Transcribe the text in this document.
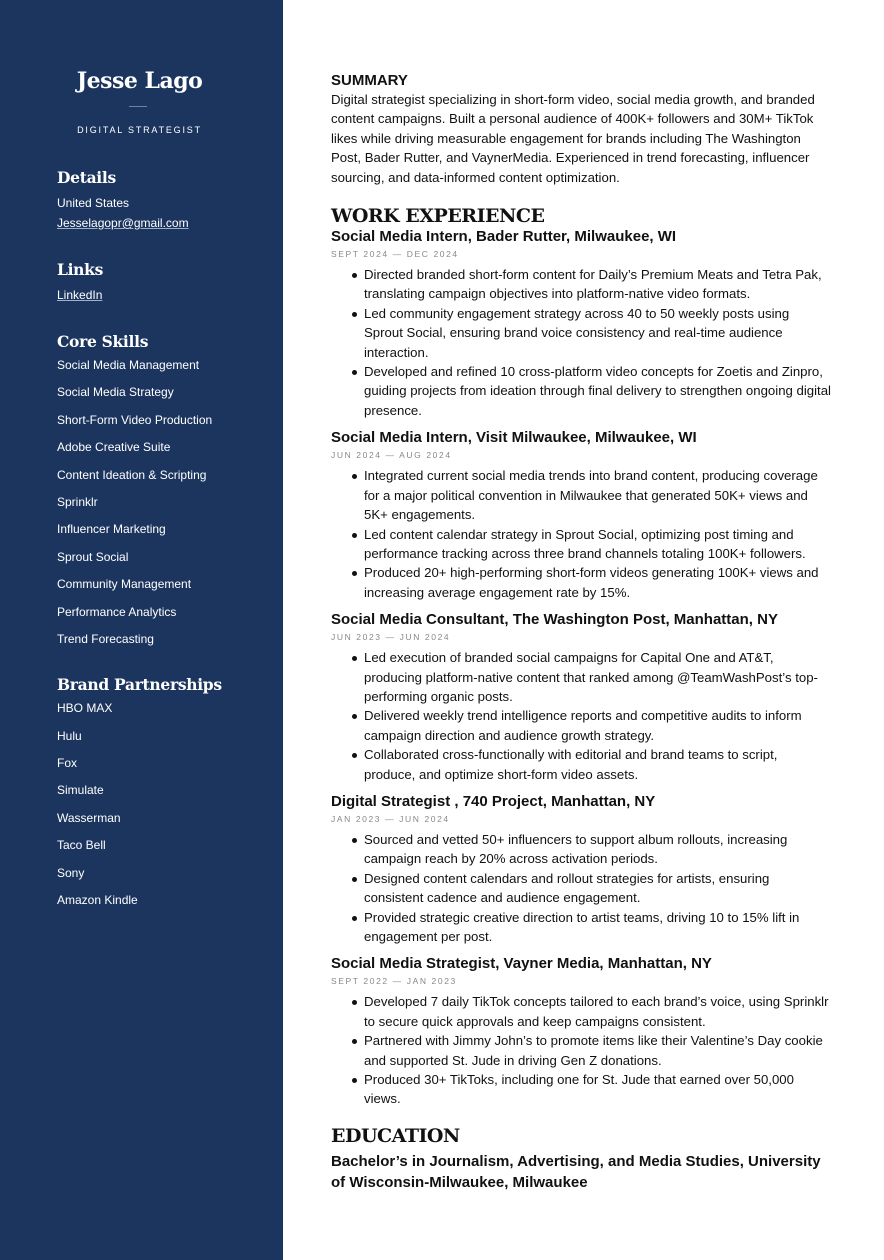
Jesse Lago
DIGITAL STRATEGIST
Details
United States
Jesselagopr@gmail.com
Links
LinkedIn
Core Skills
Social Media Management
Social Media Strategy
Short-Form Video Production
Adobe Creative Suite
Content Ideation & Scripting
Sprinklr
Influencer Marketing
Sprout Social
Community Management
Performance Analytics
Trend Forecasting
Brand Partnerships
HBO MAX
Hulu
Fox
Simulate
Wasserman
Taco Bell
Sony
Amazon Kindle
SUMMARY

Digital strategist specializing in short-form video, social media growth, and branded content campaigns. Built a personal audience of 400K+ followers and 30M+ TikTok likes while driving measurable engagement for brands including The Washington Post, Bader Rutter, and VaynerMedia. Experienced in trend forecasting, influencer sourcing, and data-informed content optimization.

WORK EXPERIENCE
Social Media Intern, Bader Rutter, Milwaukee, WI
SEPT 2024 — DEC 2024
Directed branded short-form content for Daily’s Premium Meats and Tetra Pak, translating campaign objectives into platform-native video formats.
Led community engagement strategy across 40 to 50 weekly posts using Sprout Social, ensuring brand voice consistency and real-time audience interaction.
Developed and refined 10 cross-platform video concepts for Zoetis and Zinpro, guiding projects from ideation through final delivery to strengthen ongoing digital presence.
Social Media Intern, Visit Milwaukee, Milwaukee, WI
JUN 2024 — AUG 2024
Integrated current social media trends into brand content, producing coverage for a major political convention in Milwaukee that generated 50K+ views and 5K+ engagements.
Led content calendar strategy in Sprout Social, optimizing post timing and performance tracking across three brand channels totaling 100K+ followers.
Produced 20+ high-performing short-form videos generating 100K+ views and increasing average engagement rate by 15%.
Social Media Consultant, The Washington Post, Manhattan, NY
JUN 2023 — JUN 2024
Led execution of branded social campaigns for Capital One and AT&T, producing platform-native content that ranked among @TeamWashPost’s top-performing organic posts.
Delivered weekly trend intelligence reports and competitive audits to inform campaign direction and audience growth strategy.
Collaborated cross-functionally with editorial and brand teams to script, produce, and optimize short-form video assets.
Digital Strategist , 740 Project, Manhattan, NY
JAN 2023 — JUN 2024
Sourced and vetted 50+ influencers to support album rollouts, increasing campaign reach by 20% across activation periods.
Designed content calendars and rollout strategies for artists, ensuring consistent cadence and audience engagement.
Provided strategic creative direction to artist teams, driving 10 to 15% lift in engagement per post.
Social Media Strategist, Vayner Media, Manhattan, NY
SEPT 2022 — JAN 2023
Developed 7 daily TikTok concepts tailored to each brand’s voice, using Sprinklr to secure quick approvals and keep campaigns consistent.
Partnered with Jimmy John’s to promote items like their Valentine’s Day cookie and supported St. Jude in driving Gen Z donations.
Produced 30+ TikToks, including one for St. Jude that earned over 50,000 views.
EDUCATION
Bachelor’s in Journalism, Advertising, and Media Studies, University of Wisconsin-Milwaukee, Milwaukee
